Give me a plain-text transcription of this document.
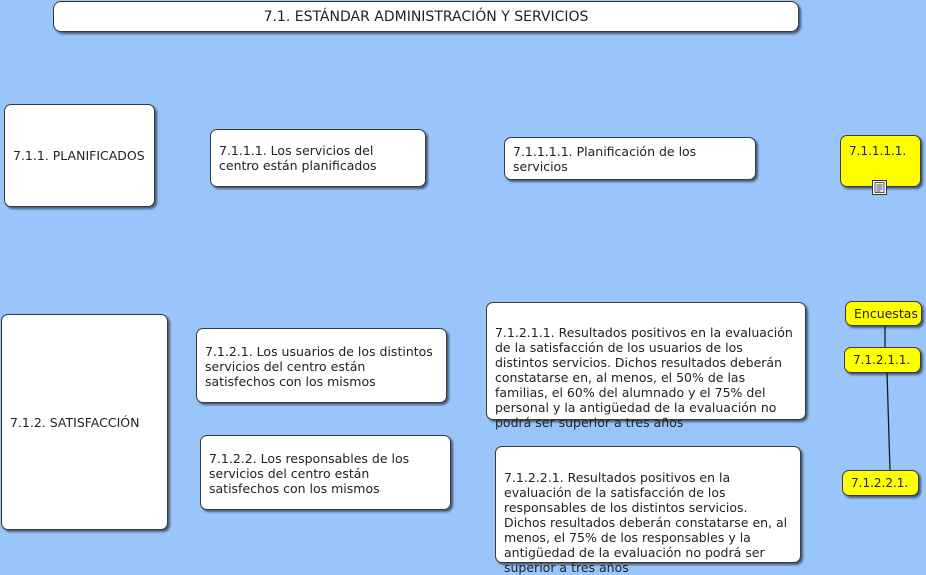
7.1. ESTÁNDAR ADMINISTRACIÓN Y SERVICIOS
7.1.1. PLANIFICADOS	7.1.1.1. Los servicios del centro están planificados
7.1.1.1.1. Planificación de los servicios
7.1.1.1.1.
7.1.2. SATISFACCIÓN
7.1.2.1. Los usuarios de los distintos servicios del centro están satisfechos con los mismos
7.1.2.2. Los responsables de los servicios del centro están satisfechos con los mismos
7.1.2.1.1. Resultados positivos en la evaluación de la satisfacción de los usuarios de los distintos servicios. Dichos resultados deberán constatarse en, al menos, el 50% de las familias, el 60% del alumnado y el 75% del personal y la antigüedad de la evaluación no podrá ser superior a tres años
7.1.2.2.1. Resultados positivos en la evaluación de la satisfacción de los responsables de los distintos servicios. Dichos resultados deberán constatarse en, al menos, el 75% de los responsables y la antigüedad de la evaluación no podrá ser superior a tres años
Encuestas
7.1.2.1.1.
7.1.2.2.1.
